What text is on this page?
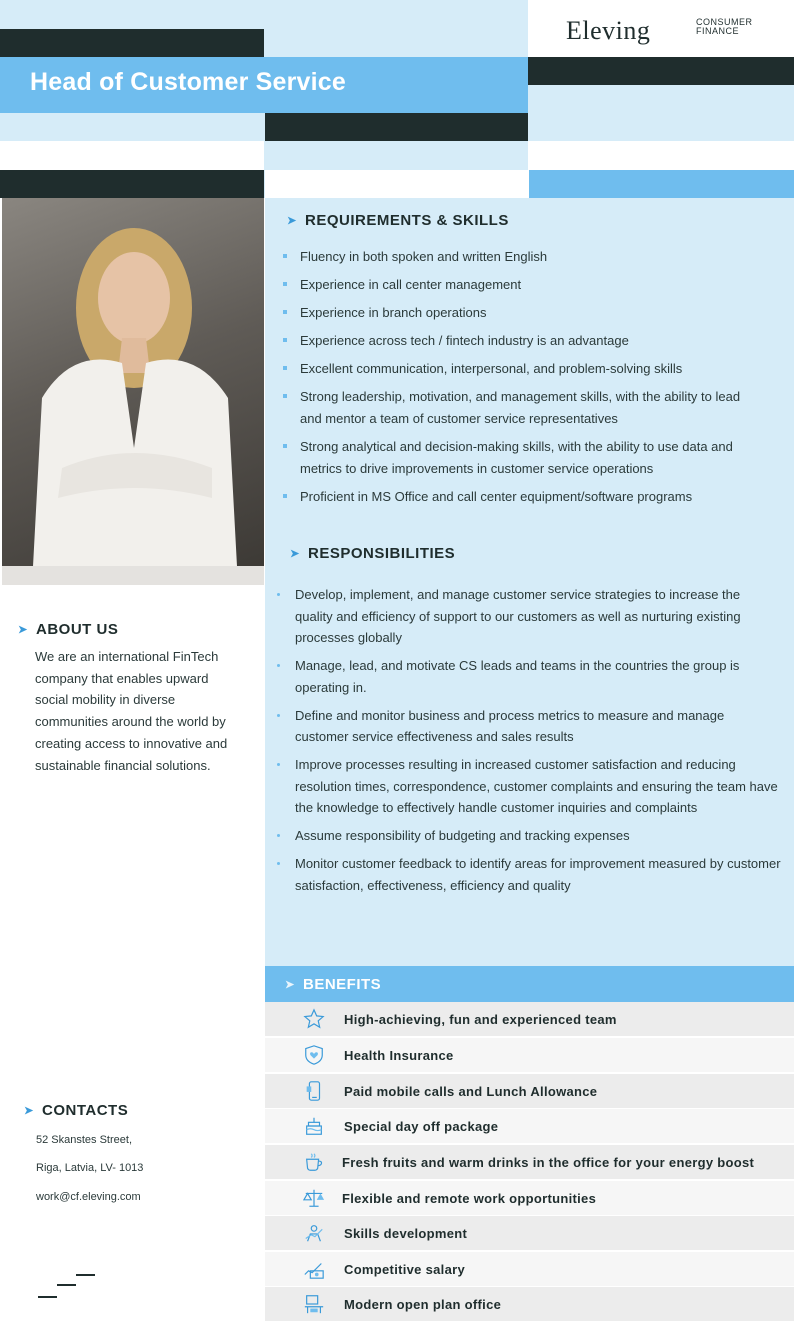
Head of Customer Service
Eleving	CONSUMER
FINANCE
➤ REQUIREMENTS & SKILLS
Fluency in both spoken and written English
Experience in call center management
Experience in branch operations
Experience across tech / fintech industry is an advantage
Excellent communication, interpersonal, and problem-solving skills
Strong leadership, motivation, and management skills, with the ability to lead and mentor a team of customer service representatives
Strong analytical and decision-making skills, with the ability to use data and metrics to drive improvements in customer service operations
Proficient in MS Office and call center equipment/software programs
➤ RESPONSIBILITIES
Develop, implement, and manage customer service strategies to increase the quality and efficiency of support to our customers as well as nurturing existing processes globally
Manage, lead, and motivate CS leads and teams in the countries the group is operating in.
Define and monitor business and process metrics to measure and manage customer service effectiveness and sales results
Improve processes resulting in increased customer satisfaction and reducing resolution times, correspondence, customer complaints and ensuring the team have the knowledge to effectively handle customer inquiries and complaints
Assume responsibility of budgeting and tracking expenses
Monitor customer feedback to identify areas for improvement measured by customer satisfaction, effectiveness, efficiency and quality
➤ ABOUT US
We are an international FinTech company that enables upward social mobility in diverse communities around the world by creating access to innovative and sustainable financial solutions.
➤ CONTACTS
52 Skanstes Street,
Riga, Latvia, LV- 1013
work@cf.eleving.com
➤ BENEFITS
High-achieving, fun and experienced team
Health Insurance
Paid mobile calls and Lunch Allowance
Special day off package
Fresh fruits and warm drinks in the office for your energy boost
Flexible and remote work opportunities
Skills development
Competitive salary
Modern open plan office
